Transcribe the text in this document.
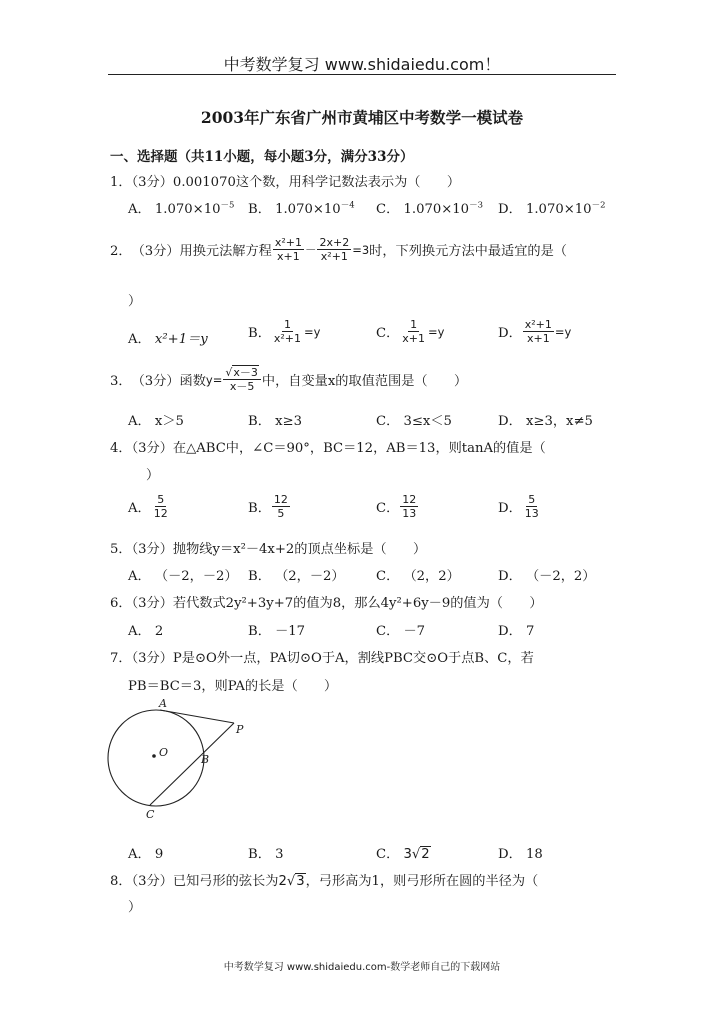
中考数学复习 www.shidaiedu.com！
2003年广东省广州市黄埔区中考数学一模试卷
一、选择题（共11小题，每小题3分，满分33分）
1．（3分）0.001070这个数，用科学记数法表示为（　　）
A． $1.070\times 10^{-5}$ B． $1.070\times 10^{-4}$ C． $1.070\times 10^{-3}$ D． $1.070\times 10^{-2}$
2． （3分）用换元法解方程 $\frac{\text{x²+1}}{x+1} - \frac{2x+2}{\text{x²+1}} =3$ 时，下列换元方法中最适宜的是（
）
A． x²+1＝y	B． $\frac{1}{\text{x²+1}} =y$	C． $\frac{1}{x+1} =y$	D． $\frac{\text{x²+1}}{x+1} =y$
3． （3分）函数 $y= \frac{√x-3}{x-5}$ 中，自变量x的取值范围是（　　）
A． x＞5	B． x≥3	C． 3≤x＜5	D． x≥3，x≠5
4．（3分）在△ABC中，∠C＝90°，BC＝12，AB＝13，则tanA的值是（
）
A． $\frac{5}{12}$	B． $\frac{12}{5}$	C． $\frac{12}{13}$	D． $\frac{5}{13}$
5．（3分）抛物线y＝x²－4x+2的顶点坐标是（　　）
A． （－2，－2） B． （2，－2） C． （2，2）	D． （－2，2）
6．（3分）若代数式2y²+3y+7的值为8，那么4y²+6y－9的值为（　　）
A． 2	B． －17	C． －7	D． 7
7．（3分）P是⊙O外一点，PA切⊙O于A，割线PBC交⊙O于点B、C，若
PB＝BC＝3，则PA的长是（　　）
A
P
B
C
O
A． 9	B． 3	C． 3√2	D． 18
8．（3分）已知弓形的弦长为2√3，弓形高为1，则弓形所在圆的半径为（
）
中考数学复习 www.shidaiedu.com-数学老师自己的下载网站
